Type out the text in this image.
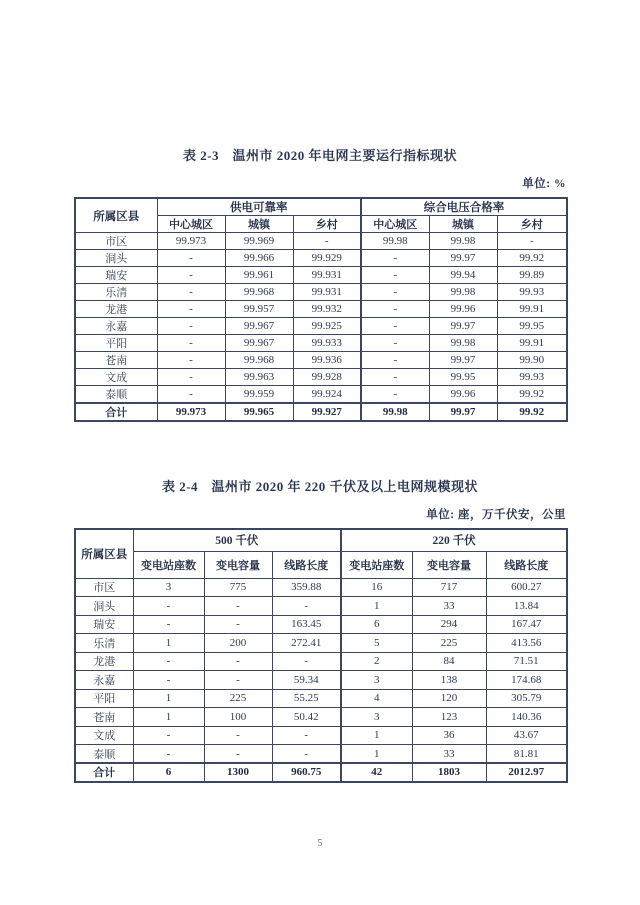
表 2-3　温州市 2020 年电网主要运行指标现状
单位: %
所属区县	供电可靠率			综合电压合格率		
	中心城区	城镇	乡村	中心城区	城镇	乡村
市区	99.973	99.969	-	99.98	99.98	-
洞头	-	99.966	99.929	-	99.97	99.92
瑞安	-	99.961	99.931	-	99.94	99.89
乐清	-	99.968	99.931	-	99.98	99.93
龙港	-	99.957	99.932	-	99.96	99.91
永嘉	-	99.967	99.925	-	99.97	99.95
平阳	-	99.967	99.933	-	99.98	99.91
苍南	-	99.968	99.936	-	99.97	99.90
文成	-	99.963	99.928	-	99.95	99.93
泰顺	-	99.959	99.924	-	99.96	99.92
合计	99.973	99.965	99.927	99.98	99.97	99.92
表 2-4　温州市 2020 年 220 千伏及以上电网规模现状
单位: 座，万千伏安，公里
所属区县	500 千伏			220 千伏		
	变电站座数	变电容量	线路长度	变电站座数	变电容量	线路长度
市区	3	775	359.88	16	717	600.27
洞头	-	-	-	1	33	13.84
瑞安	-	-	163.45	6	294	167.47
乐清	1	200	272.41	5	225	413.56
龙港	-	-	-	2	84	71.51
永嘉	-	-	59.34	3	138	174.68
平阳	1	225	55.25	4	120	305.79
苍南	1	100	50.42	3	123	140.36
文成	-	-	-	1	36	43.67
泰顺	-	-	-	1	33	81.81
合计	6	1300	960.75	42	1803	2012.97
5
